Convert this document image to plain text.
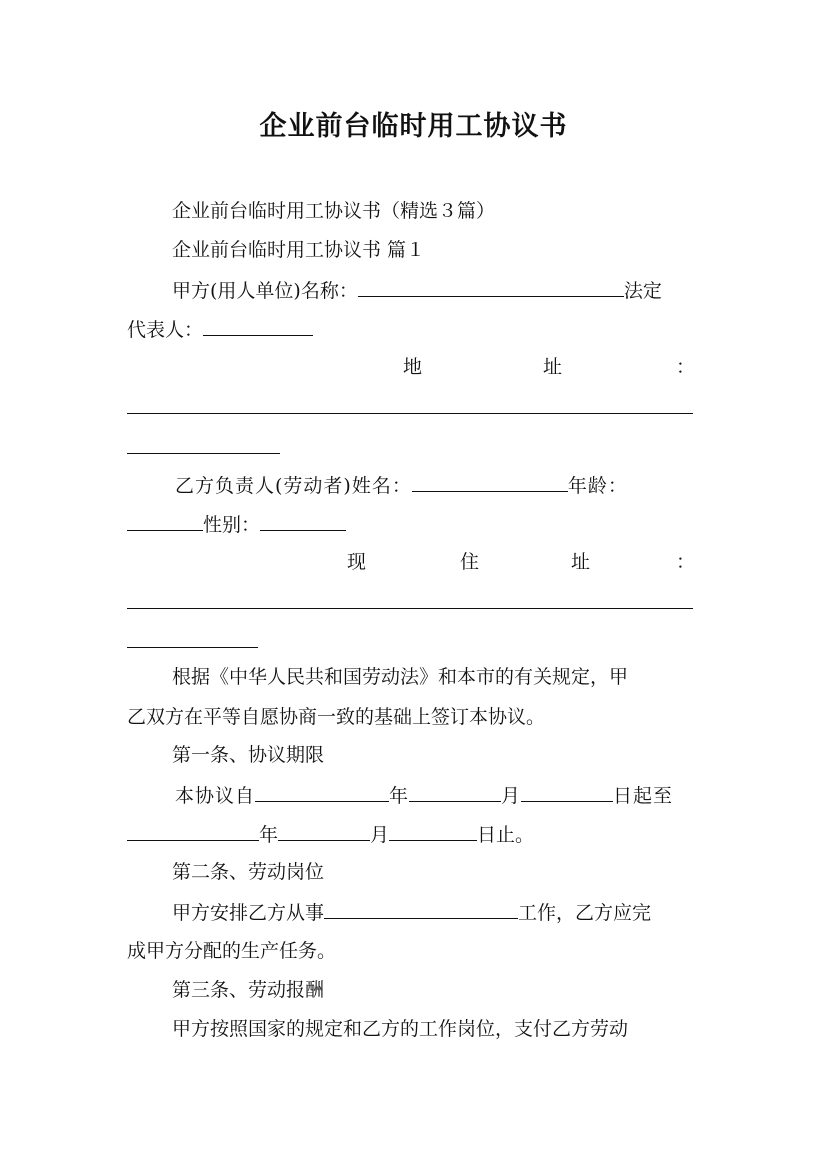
企业前台临时用工协议书
企业前台临时用工协议书（精选３篇）
企业前台临时用工协议书 篇１
甲方(用人单位)名称：	法定
代表人：
地	址	：
乙方负责人(劳动者)姓名：	年龄：
性别：
现	住	址	：
根据《中华人民共和国劳动法》和本市的有关规定，甲
乙双方在平等自愿协商一致的基础上签订本协议。
第一条、协议期限
本协议自	年	月	日起至
年	月	日止。
第二条、劳动岗位
甲方安排乙方从事	工作，乙方应完
成甲方分配的生产任务。
第三条、劳动报酬
甲方按照国家的规定和乙方的工作岗位，支付乙方劳动
